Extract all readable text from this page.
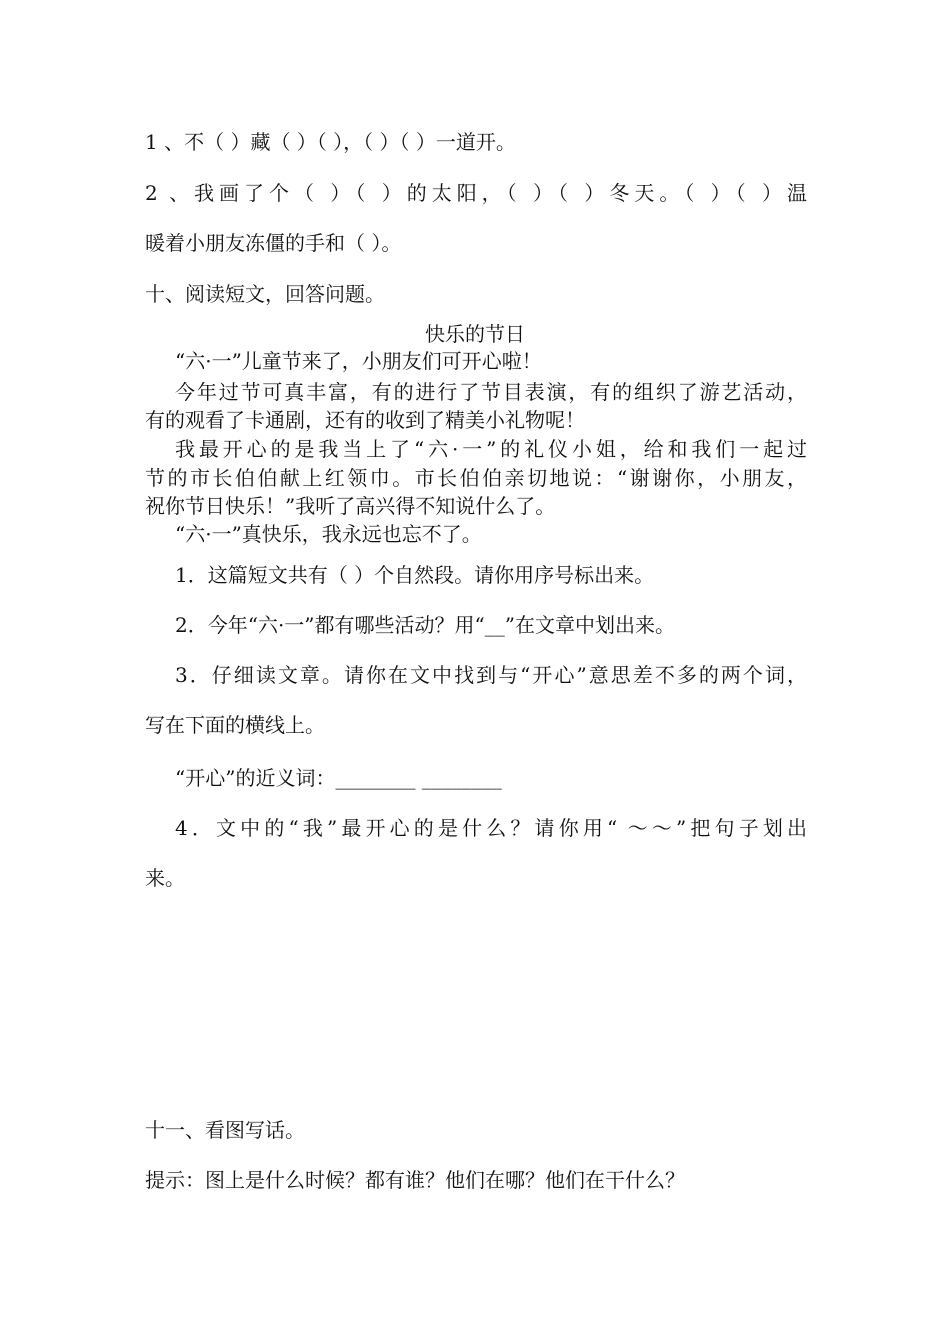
1 、不（ ）藏（ ）（ ），（ ）（ ）一道开。
2 、我画了个（ ）（ ）的太阳，（ ）（ ）冬天。（ ）（ ）温
暖着小朋友冻僵的手和（ ）。
十、阅读短文，回答问题。
快乐的节日
“六·一”儿童节来了，小朋友们可开心啦！
今年过节可真丰富，有的进行了节目表演，有的组织了游艺活动，
有的观看了卡通剧，还有的收到了精美小礼物呢！
我最开心的是我当上了“六·一”的礼仪小姐，给和我们一起过
节的市长伯伯献上红领巾。市长伯伯亲切地说：“谢谢你，小朋友，
祝你节日快乐！”我听了高兴得不知说什么了。
“六·一”真快乐，我永远也忘不了。
1．这篇短文共有（ ）个自然段。请你用序号标出来。
2．今年“六·一”都有哪些活动？用“__”在文章中划出来。
3．仔细读文章。请你在文中找到与“开心”意思差不多的两个词，
写在下面的横线上。
“开心”的近义词：________ ________
4．文中的“我”最开心的是什么？请你用“ ～～”把句子划出
来。
十一、看图写话。
提示：图上是什么时候？都有谁？他们在哪？他们在干什么？
